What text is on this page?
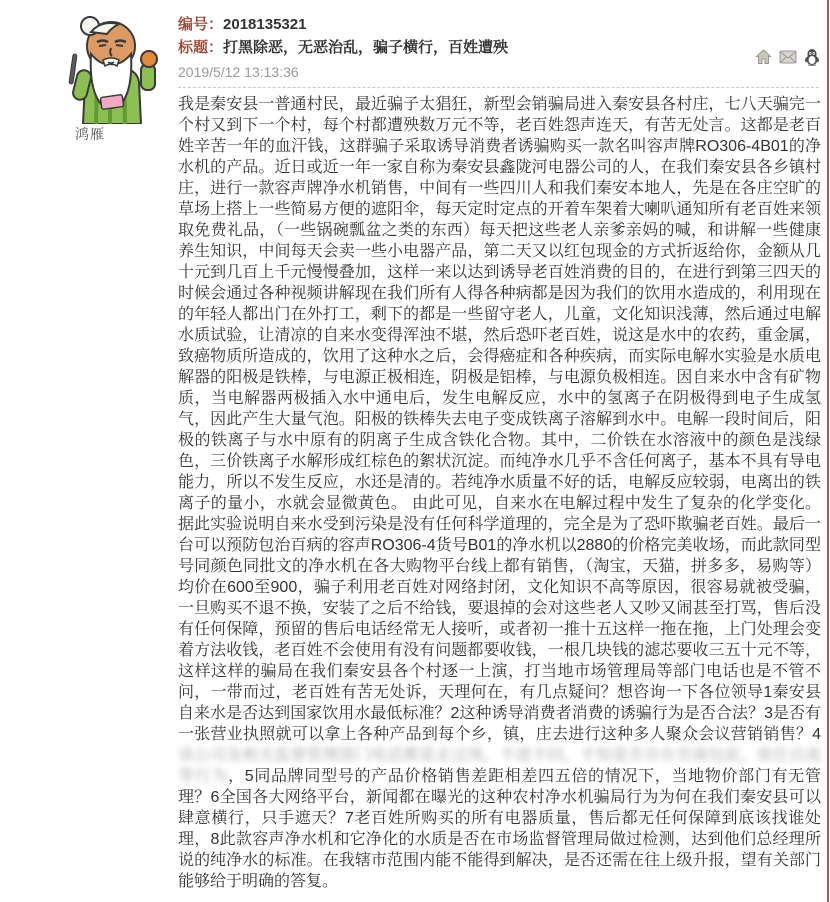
鸿雁
编号：2018135321
标题：打黑除恶，无恶治乱，骗子横行，百姓遭殃
2019/5/12 13:13:36
我是秦安县一普通村民，最近骗子太猖狂，新型会销骗局进入秦安县各村庄，七八天骗完一个村又到下一个村，每个村都遭殃数万元不等，老百姓怨声连天，有苦无处言。这都是老百姓辛苦一年的血汗钱，这群骗子采取诱导消费者诱骗购买一款名叫容声牌RO306-4B01的净水机的产品。近日或近一年一家自称为秦安县鑫陇河电器公司的人，在我们秦安县各乡镇村庄，进行一款容声牌净水机销售，中间有一些四川人和我们秦安本地人，先是在各庄空旷的草场上搭上一些简易方便的遮阳伞，每天定时定点的开着车架着大喇叭通知所有老百姓来领取免费礼品，（一些锅碗瓢盆之类的东西）每天把这些老人亲爹亲妈的喊，和讲解一些健康养生知识，中间每天会卖一些小电器产品，第二天又以红包现金的方式折返给你，金额从几十元到几百上千元慢慢叠加，这样一来以达到诱导老百姓消费的目的，在进行到第三四天的时候会通过各种视频讲解现在我们所有人得各种病都是因为我们的饮用水造成的，利用现在的年轻人都出门在外打工，剩下的都是一些留守老人，儿童，文化知识浅薄，然后通过电解水质试验，让清凉的自来水变得浑浊不堪，然后恐吓老百姓，说这是水中的农药，重金属，致癌物质所造成的，饮用了这种水之后，会得癌症和各种疾病，而实际电解水实验是水质电解器的阳极是铁棒，与电源正极相连，阴极是铝棒，与电源负极相连。因自来水中含有矿物质，当电解器两极插入水中通电后，发生电解反应，水中的氢离子在阴极得到电子生成氢气，因此产生大量气泡。阳极的铁棒失去电子变成铁离子溶解到水中。电解一段时间后，阳极的铁离子与水中原有的阴离子生成含铁化合物。其中，二价铁在水溶液中的颜色是浅绿色，三价铁离子水解形成红棕色的絮状沉淀。而纯净水几乎不含任何离子，基本不具有导电能力，所以不发生反应，水还是清的。若纯净水质量不好的话，电解反应较弱，电离出的铁离子的量小，水就会显微黄色。 由此可见，自来水在电解过程中发生了复杂的化学变化。据此实验说明自来水受到污染是没有任何科学道理的，完全是为了恐吓欺骗老百姓。最后一台可以预防包治百病的容声RO306-4货号B01的净水机以2880的价格完美收场，而此款同型号同颜色同批文的净水机在各大购物平台线上都有销售，（淘宝，天猫，拼多多，易购等）均价在600至900，骗子利用老百姓对网络封闭，文化知识不高等原因，很容易就被受骗，一旦购买不退不换，安装了之后不给钱，要退掉的会对这些老人又吵又闹甚至打骂，售后没有任何保障，预留的售后电话经常无人接听，或者初一推十五这样一拖在拖，上门处理会变着方法收钱，老百姓不会使用有没有问题都要收钱，一根几块钱的滤芯要收三五十元不等，这样这样的骗局在我们秦安县各个村逐一上演，打当地市场管理局等部门电话也是不管不问，一带而过，老百姓有苦无处诉，天理何在，有几点疑问？想咨询一下各位领导1秦安县自来水是否达到国家饮用水最低标准？2这种诱导消费者消费的诱骗行为是否合法？3是否有一张营业执照就可以拿上各种产品到每个乡，镇，庄去进行这种多人聚众会议营销销售？4该公司及相关监督管理部门电话都是走过场，不进不问，不知是否存在官商包庇，放任自流等行为，5同品牌同型号的产品价格销售差距相差四五倍的情况下，当地物价部门有无管理？6全国各大网络平台，新闻都在曝光的这种农村净水机骗局行为为何在我们秦安县可以肆意横行，只手遮天？7老百姓所购买的所有电器质量，售后都无任何保障到底该找谁处理，8此款容声净水机和它净化的水质是否在市场监督管理局做过检测，达到他们总经理所说的纯净水的标准。在我辖市范围内能不能得到解决，是否还需在往上级升报，望有关部门能够给于明确的答复。
